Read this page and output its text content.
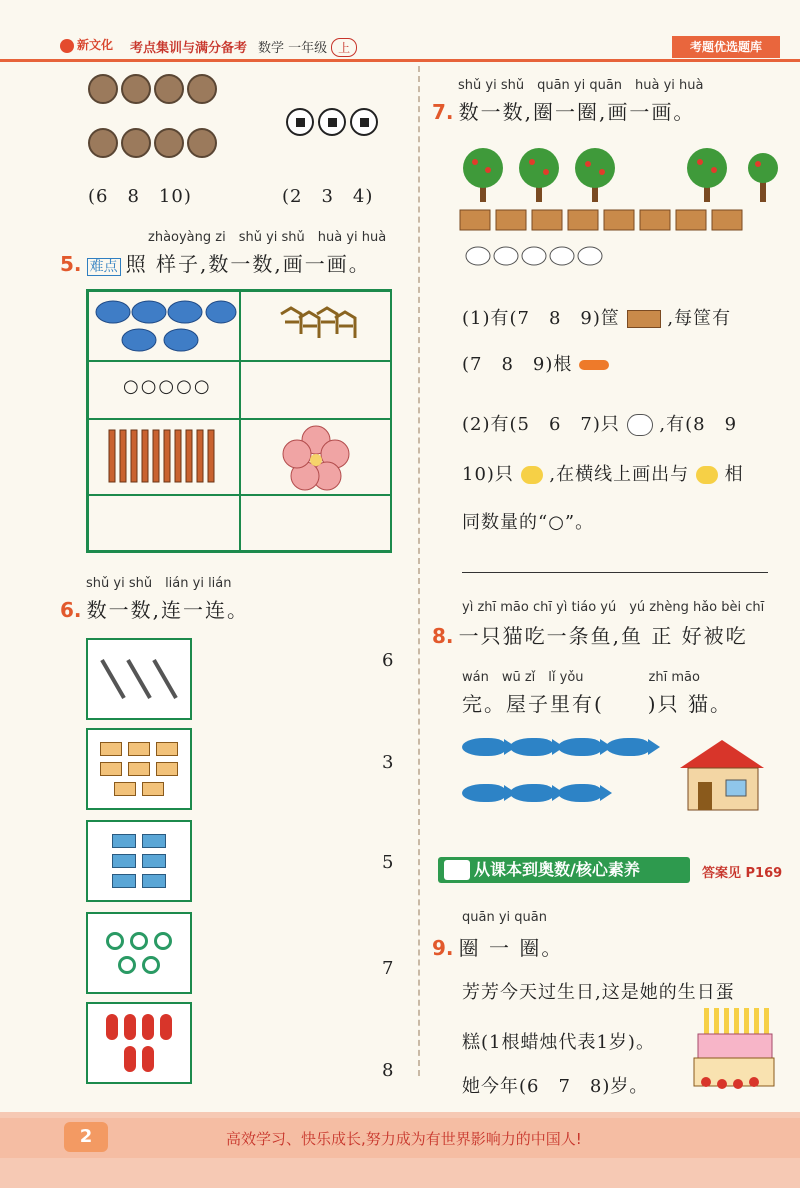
新文化 考点集训与满分备考 数学 一年级 上	考题优选题库
(6　8　10)	(2　3　4)
zhàoyàng zi　shǔ yi shǔ　huà yi huà
5. 难点 照 样子,数一数,画一画。
○○○○○
shǔ yi shǔ　lián yi lián
6. 数一数,连一连。
6
3
5
7
8
shǔ yi shǔ　quān yi quān　huà yi huà
7. 数一数,圈一圈,画一画。
(1)有(7　8　9)筐	,每筐有
(7　8　9)根
(2)有(5　6　7)只 ,有(8　9
10)只 ,在横线上画出与 相
同数量的“○”。
yì zhī māo chī yì tiáo yú　yú zhèng hǎo bèi chī
8. 一只猫吃一条鱼,鱼 正 好被吃
wán　wū zǐ　lǐ yǒu　　　　　zhī māo
完。屋子里有(　　)只 猫。
从课本到奥数/核心素养	答案见 P169
quān yi quān
9. 圈 一 圈。
芳芳今天过生日,这是她的生日蛋
糕(1根蜡烛代表1岁)。
她今年(6　7　8)岁。
2	高效学习、快乐成长,努力成为有世界影响力的中国人!
